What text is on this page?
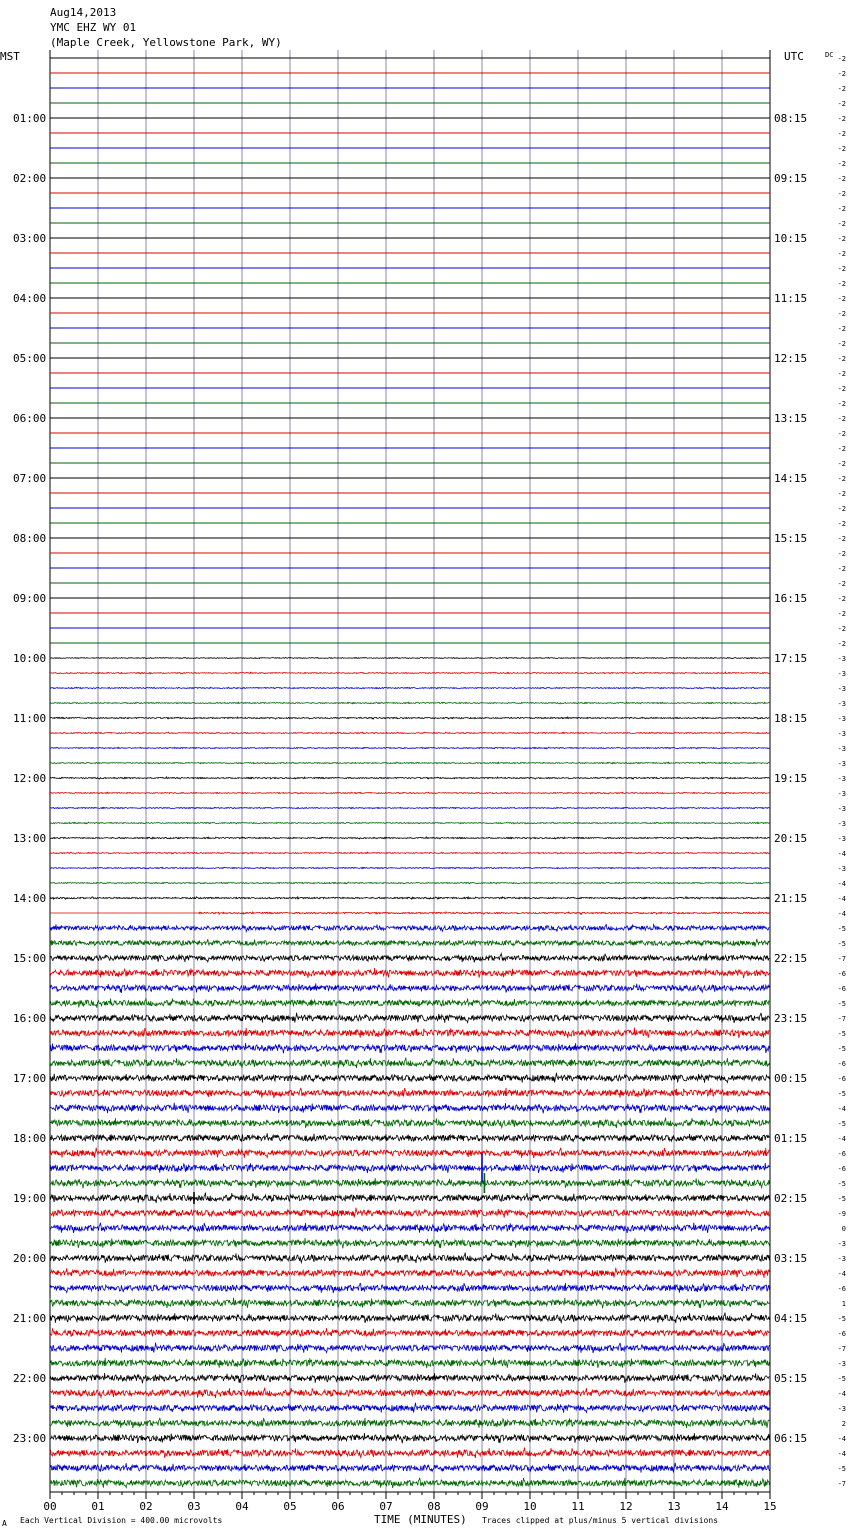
Aug14,2013
YMC EHZ WY 01
(Maple Creek, Yellowstone Park, WY)
MST	UTC	DC
01:00
02:00
03:00
04:00
05:00
06:00
07:00
08:00
09:00
10:00
11:00
12:00
13:00
14:00
15:00
16:00
17:00
18:00
19:00
20:00
21:00
22:00
23:00
08:15
09:15
10:15
11:15
12:15
13:15
14:15
15:15
16:15
17:15
18:15
19:15
20:15
21:15
22:15
23:15
00:15
01:15
02:15
03:15
04:15
05:15
06:15
-2
-2
-2
-2
-2
-2
-2
-2
-2
-2
-2
-2
-2
-2
-2
-2
-2
-2
-2
-2
-2
-2
-2
-2
-2
-2
-2
-2
-2
-2
-2
-2
-2
-2
-2
-2
-2
-2
-2
-2
-3
-3
-3
-3
-3
-3
-3
-3
-3
-3
-3
-3
-3
-4
-3
-4
-4
-4
-5
-5
-7
-6
-6
-5
-7
-5
-5
-6
-6
-5
-4
-5
-4
-6
-6
-5
-5
-9
0
-3
-3
-4
-6
1
-5
-6
-7
-3
-5
-4
-3
2
-4
-4
-5
-7
00	01	02	03	04	05	06	07	08	09	10	11	12	13	14	15
TIME (MINUTES)
Each Vertical Division = 400.00 microvolts	Traces clipped at plus/minus 5 vertical divisions
A
